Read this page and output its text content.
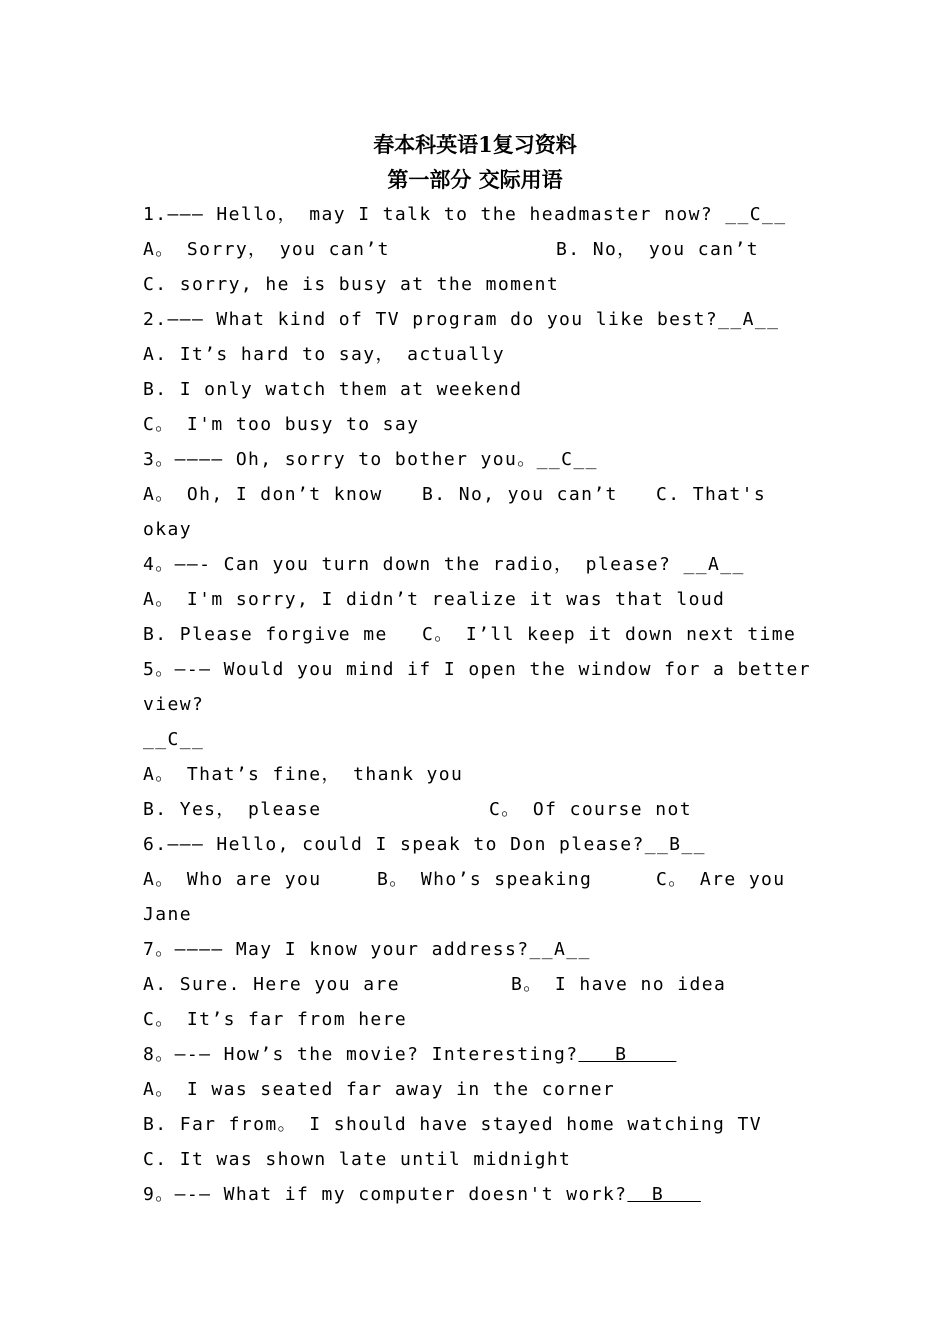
春本科英语1复习资料
第一部分 交际用语
1.——— Hello， may I talk to the headmaster now? __C__
A。 Sorry， you can’t	B. No， you can’t
C. sorry, he is busy at the moment
2.——— What kind of TV program do you like best?__A__
A. It’s hard to say， actually
B. I only watch them at weekend
C。 I'm too busy to say
3。———— Oh, sorry to bother you。__C__
A。 Oh, I don’t know B. No, you can’t C. That's
okay
4。——- Can you turn down the radio， please? __A__
A。 I'm sorry, I didn’t realize it was that loud
B. Please forgive me C。 I’ll keep it down next time
5。—-— Would you mind if I open the window for a better
view?
__C__
A。 That’s fine， thank you
B. Yes， please	C。 Of course not
6.——— Hello, could I speak to Don please?__B__
A。 Who are you	B。 Who’s speaking	C。 Are you
Jane
7。———— May I know your address?__A__
A. Sure. Here you are	B。 I have no idea
C。 It’s far from here
8。—-— How’s the movie? Interesting?   B
A。 I was seated far away in the corner
B. Far from。 I should have stayed home watching TV
C. It was shown late until midnight
9。—-— What if my computer doesn't work?  B
